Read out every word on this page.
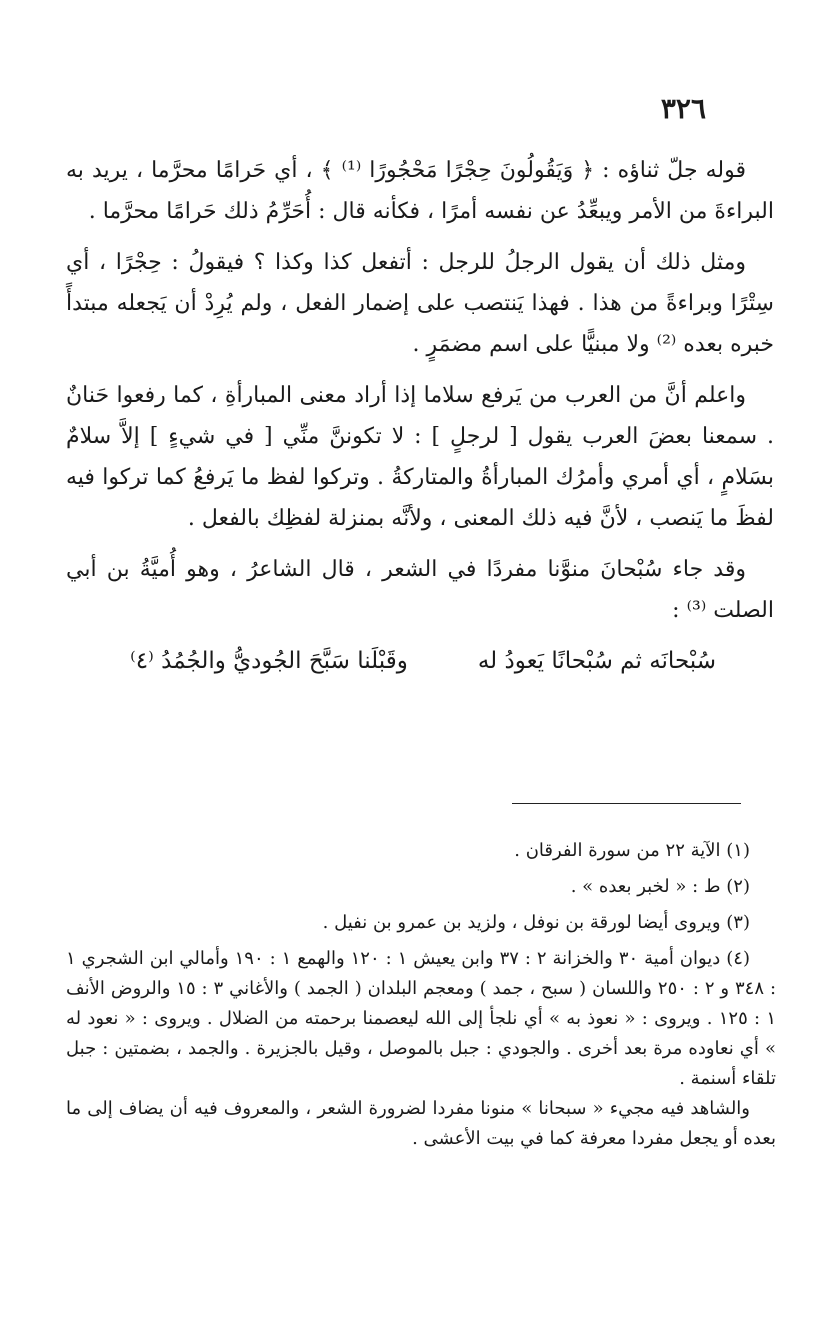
٣٢٦

قوله جلّ ثناؤه : ﴿ وَيَقُولُونَ حِجْرًا مَحْجُورًا ⁽¹⁾ ﴾ ، أي حَرامًا محرَّما ، يريد به البراءةَ من الأمر ويبعِّدُ عن نفسه أمرًا ، فكأنه قال : أُحَرِّمُ ذلك حَرامًا محرَّما .

ومثل ذلك أن يقول الرجلُ للرجل : أتفعل كذا وكذا ؟ فيقولُ : حِجْرًا ، أي سِتْرًا وبراءةً من هذا . فهذا يَنتصب على إضمار الفعل ، ولم يُرِدْ أن يَجعله مبتدأً خبره بعده ⁽²⁾ ولا مبنيًّا على اسم مضمَرٍ .

واعلم أنَّ من العرب من يَرفع سلاما إذا أراد معنى المبارأةِ ، كما رفعوا حَنانٌ . سمعنا بعضَ العرب يقول [ لرجلٍ ] : لا تكوننَّ منِّي [ في شيءٍ ] إلاَّ سلامٌ بسَلامٍ ، أي أمري وأمرُك المبارأةُ والمتاركةُ . وتركوا لفظ ما يَرفعُ كما تركوا فيه لفظَ ما يَنصب ، لأنَّ فيه ذلك المعنى ، ولأنَّه بمنزلة لفظِك بالفعل .

وقد جاء سُبْحانَ منوَّنا مفردًا في الشعر ، قال الشاعرُ ، وهو أُميَّةُ بن أبي الصلت ⁽³⁾ :

سُبْحانَه ثم سُبْحانًا يَعودُ له
وقَبْلَنا سَبَّحَ الجُوديُّ والجُمُدُ ⁽٤⁾

(١) الآية ٢٢ من سورة الفرقان .

(٢) ط : « لخبر بعده » .

(٣) ويروى أيضا لورقة بن نوفل ، ولزيد بن عمرو بن نفيل .

(٤) ديوان أمية ٣٠ والخزانة ٢ : ٣٧ وابن يعيش ١ : ١٢٠ والهمع ١ : ١٩٠ وأمالي ابن الشجري ١ : ٣٤٨ و ٢ : ٢٥٠ واللسان ( سبح ، جمد ) ومعجم البلدان ( الجمد ) والأغاني ٣ : ١٥ والروض الأنف ١ : ١٢٥ . ويروى : « نعوذ به » أي نلجأ إلى الله ليعصمنا برحمته من الضلال . ويروى : « نعود له » أي نعاوده مرة بعد أخرى . والجودي : جبل بالموصل ، وقيل بالجزيرة . والجمد ، بضمتين : جبل تلقاء أسنمة .

والشاهد فيه مجيء « سبحانا » منونا مفردا لضرورة الشعر ، والمعروف فيه أن يضاف إلى ما بعده أو يجعل مفردا معرفة كما في بيت الأعشى .
